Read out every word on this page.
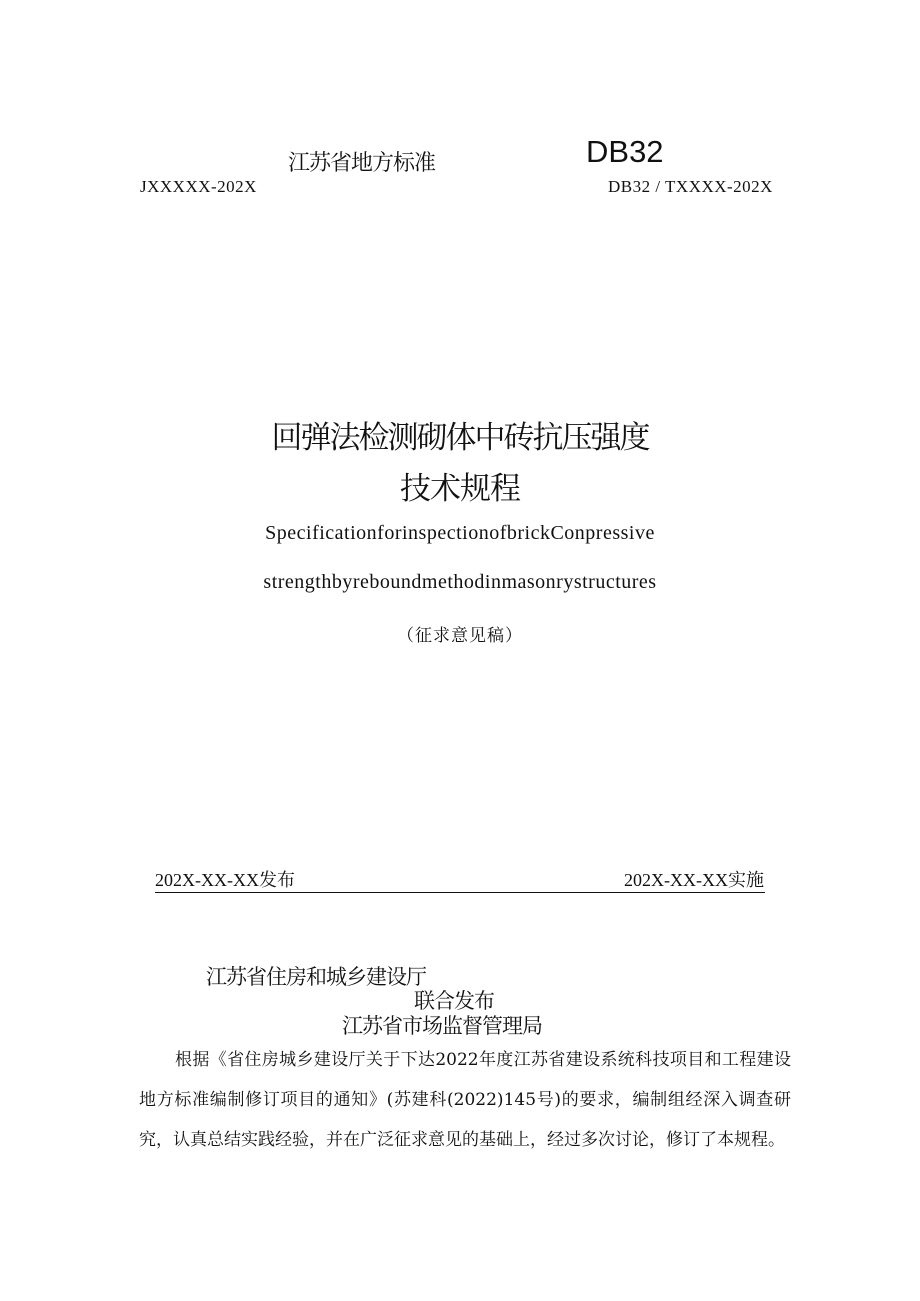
江苏省地方标准	DB32
JXXXXX-202X	DB32 / TXXXX-202X
回弹法检测砌体中砖抗压强度
技术规程
SpecificationforinspectionofbrickConpressive
strengthbyreboundmethodinmasonrystructures
（征求意见稿）
202X-XX-XX发布	202X-XX-XX实施
江苏省住房和城乡建设厅
联合发布
江苏省市场监督管理局
根据《省住房城乡建设厅关于下达2022年度江苏省建设系统科技项目和工程建设地方标准编制修订项目的通知》(苏建科(2022)145号)的要求，编制组经深入调查研究，认真总结实践经验，并在广泛征求意见的基础上，经过多次讨论，修订了本规程。
